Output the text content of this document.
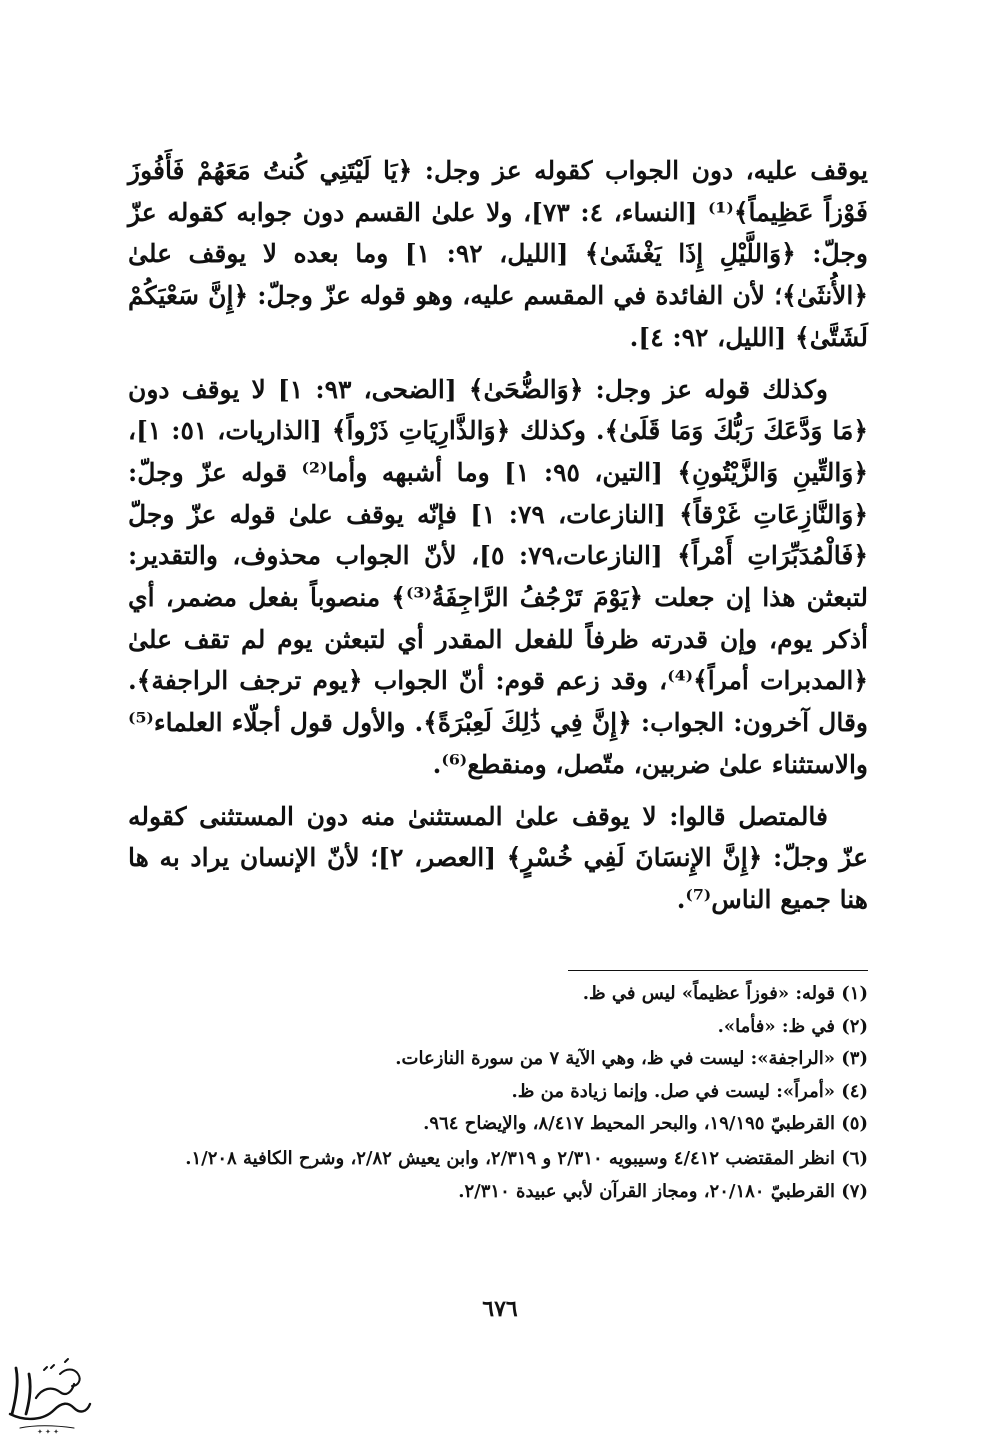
يوقف عليه، دون الجواب كقوله عز وجل: ﴿يَا لَيْتَنِي كُنتُ مَعَهُمْ فَأَفُوزَ فَوْزاً عَظِيماً﴾⁽¹⁾ [النساء، ٤: ٧٣]، ولا علىٰ القسم دون جوابه كقوله عزّ وجلّ: ﴿وَاللَّيْلِ إِذَا يَغْشَىٰ﴾ [الليل، ٩٢: ١] وما بعده لا يوقف علىٰ ﴿الأُنثَىٰ﴾؛ لأن الفائدة في المقسم عليه، وهو قوله عزّ وجلّ: ﴿إِنَّ سَعْيَكُمْ لَشَتَّىٰ﴾ [الليل، ٩٢: ٤].

وكذلك قوله عز وجل: ﴿وَالضُّحَىٰ﴾ [الضحى، ٩٣: ١] لا يوقف دون ﴿مَا وَدَّعَكَ رَبُّكَ وَمَا قَلَىٰ﴾. وكذلك ﴿وَالذَّارِيَاتِ ذَرْواً﴾ [الذاريات، ٥١: ١]، ﴿وَالتِّينِ وَالزَّيْتُونِ﴾ [التين، ٩٥: ١] وما أشبهه وأما⁽²⁾ قوله عزّ وجلّ: ﴿وَالنَّازِعَاتِ غَرْقاً﴾ [النازعات، ٧٩: ١] فإنّه يوقف علىٰ قوله عزّ وجلّ ﴿فَالْمُدَبِّرَاتِ أَمْراً﴾ [النازعات،٧٩: ٥]، لأنّ الجواب محذوف، والتقدير: لتبعثن هذا إن جعلت ﴿يَوْمَ تَرْجُفُ الرَّاجِفَةُ⁽³⁾﴾ منصوباً بفعل مضمر، أي أذكر يوم، وإن قدرته ظرفاً للفعل المقدر أي لتبعثن يوم لم تقف علىٰ ﴿المدبرات أمراً﴾⁽⁴⁾، وقد زعم قوم: أنّ الجواب ﴿يوم ترجف الراجفة﴾. وقال آخرون: الجواب: ﴿إِنَّ فِي ذَٰلِكَ لَعِبْرَةً﴾. والأول قول أجلّاء العلماء⁽⁵⁾ والاستثناء علىٰ ضربين، متّصل، ومنقطع⁽⁶⁾.

فالمتصل قالوا: لا يوقف علىٰ المستثنىٰ منه دون المستثنى كقوله عزّ وجلّ: ﴿إِنَّ الإِنسَانَ لَفِي خُسْرٍ﴾ [العصر، ٢]؛ لأنّ الإنسان يراد به ها هنا جميع الناس⁽⁷⁾.

(١) قوله: «فوزاً عظيماً» ليس في ظ.
(٢) في ظ: «فأما».
(٣) «الراجفة»: ليست في ظ، وهي الآية ٧ من سورة النازعات.
(٤) «أمراً»: ليست في صل. وإنما زيادة من ظ.
(٥) القرطبيّ ١٩/١٩٥، والبحر المحيط ٨/٤١٧، والإيضاح ٩٦٤.
(٦) انظر المقتضب ٤/٤١٢ وسيبويه ٢/٣١٠ و ٢/٣١٩، وابن يعيش ٢/٨٢، وشرح الكافية ١/٢٠٨.
(٧) القرطبيّ ٢٠/١٨٠، ومجاز القرآن لأبي عبيدة ٢/٣١٠.
٦٧٦
✦ ✦ ✦
